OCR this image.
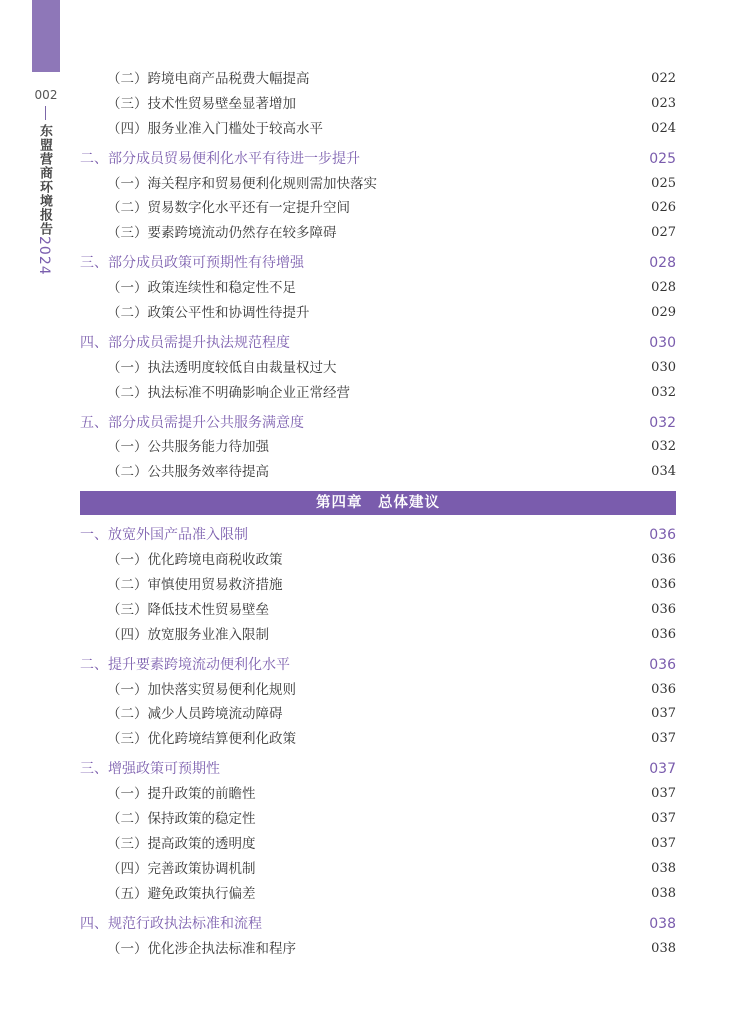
002
东盟营商环境报告2024
（二）跨境电商产品税费大幅提高	022
（三）技术性贸易壁垒显著增加	023
（四）服务业准入门槛处于较高水平	024
二、部分成员贸易便利化水平有待进一步提升	025
（一）海关程序和贸易便利化规则需加快落实	025
（二）贸易数字化水平还有一定提升空间	026
（三）要素跨境流动仍然存在较多障碍	027
三、部分成员政策可预期性有待增强	028
（一）政策连续性和稳定性不足	028
（二）政策公平性和协调性待提升	029
四、部分成员需提升执法规范程度	030
（一）执法透明度较低自由裁量权过大	030
（二）执法标准不明确影响企业正常经营	032
五、部分成员需提升公共服务满意度	032
（一）公共服务能力待加强	032
（二）公共服务效率待提高	034
第四章　总体建议
一、放宽外国产品准入限制	036
（一）优化跨境电商税收政策	036
（二）审慎使用贸易救济措施	036
（三）降低技术性贸易壁垒	036
（四）放宽服务业准入限制	036
二、提升要素跨境流动便利化水平	036
（一）加快落实贸易便利化规则	036
（二）减少人员跨境流动障碍	037
（三）优化跨境结算便利化政策	037
三、增强政策可预期性	037
（一）提升政策的前瞻性	037
（二）保持政策的稳定性	037
（三）提高政策的透明度	037
（四）完善政策协调机制	038
（五）避免政策执行偏差	038
四、规范行政执法标准和流程	038
（一）优化涉企执法标准和程序	038
